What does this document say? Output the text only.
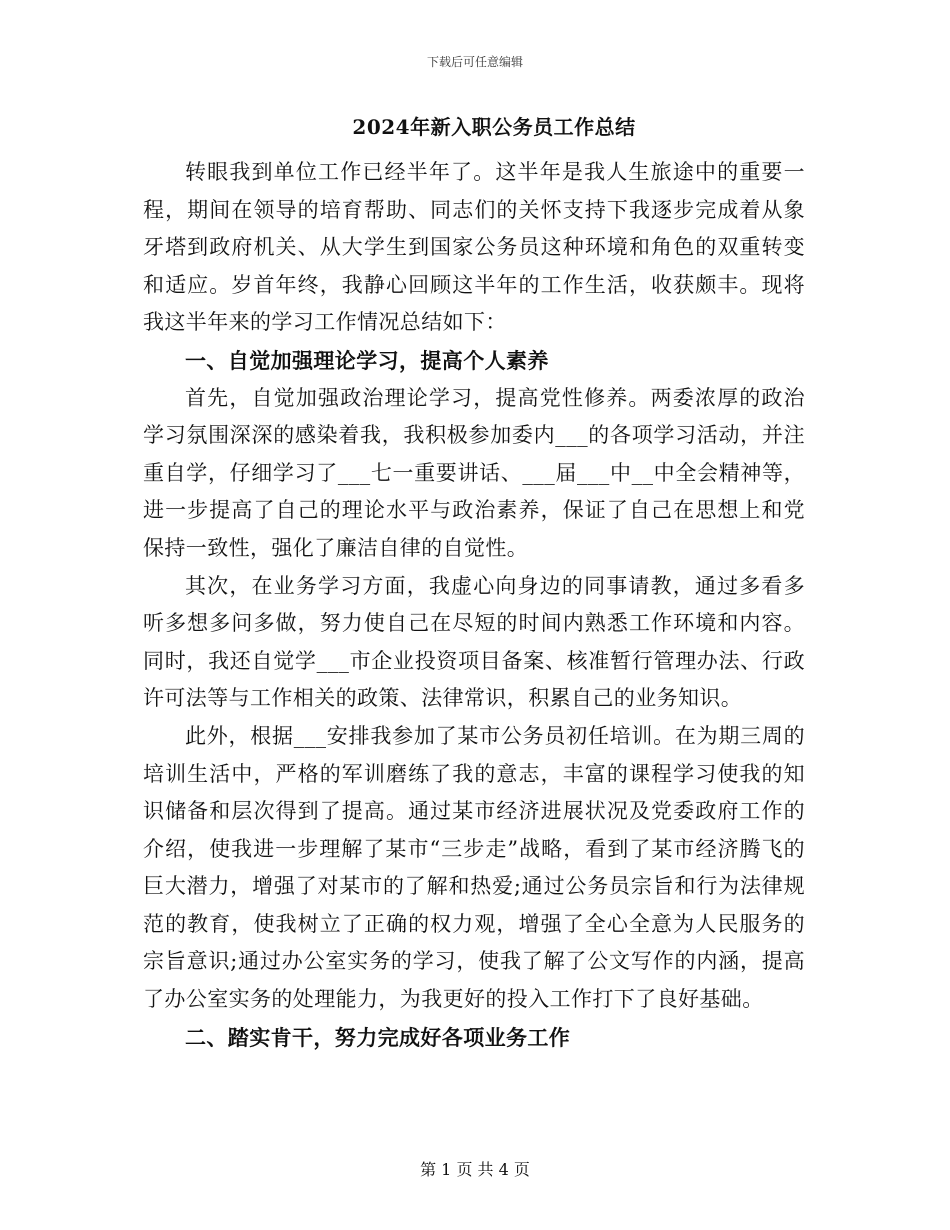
下载后可任意编辑
2024年新入职公务员工作总结

转眼我到单位工作已经半年了。这半年是我人生旅途中的重要一程，期间在领导的培育帮助、同志们的关怀支持下我逐步完成着从象牙塔到政府机关、从大学生到国家公务员这种环境和角色的双重转变和适应。岁首年终，我静心回顾这半年的工作生活，收获颇丰。现将我这半年来的学习工作情况总结如下：

一、自觉加强理论学习，提高个人素养

首先，自觉加强政治理论学习，提高党性修养。两委浓厚的政治学习氛围深深的感染着我，我积极参加委内___的各项学习活动，并注重自学，仔细学习了___七一重要讲话、___届___中__中全会精神等，进一步提高了自己的理论水平与政治素养，保证了自己在思想上和党保持一致性，强化了廉洁自律的自觉性。

其次，在业务学习方面，我虚心向身边的同事请教，通过多看多听多想多问多做，努力使自己在尽短的时间内熟悉工作环境和内容。同时，我还自觉学___市企业投资项目备案、核准暂行管理办法、行政许可法等与工作相关的政策、法律常识，积累自己的业务知识。

此外，根据___安排我参加了某市公务员初任培训。在为期三周的培训生活中，严格的军训磨练了我的意志，丰富的课程学习使我的知识储备和层次得到了提高。通过某市经济进展状况及党委政府工作的介绍，使我进一步理解了某市“三步走”战略，看到了某市经济腾飞的巨大潜力，增强了对某市的了解和热爱;通过公务员宗旨和行为法律规范的教育，使我树立了正确的权力观，增强了全心全意为人民服务的宗旨意识;通过办公室实务的学习，使我了解了公文写作的内涵，提高了办公室实务的处理能力，为我更好的投入工作打下了良好基础。

二、踏实肯干，努力完成好各项业务工作

第 1 页 共 4 页
